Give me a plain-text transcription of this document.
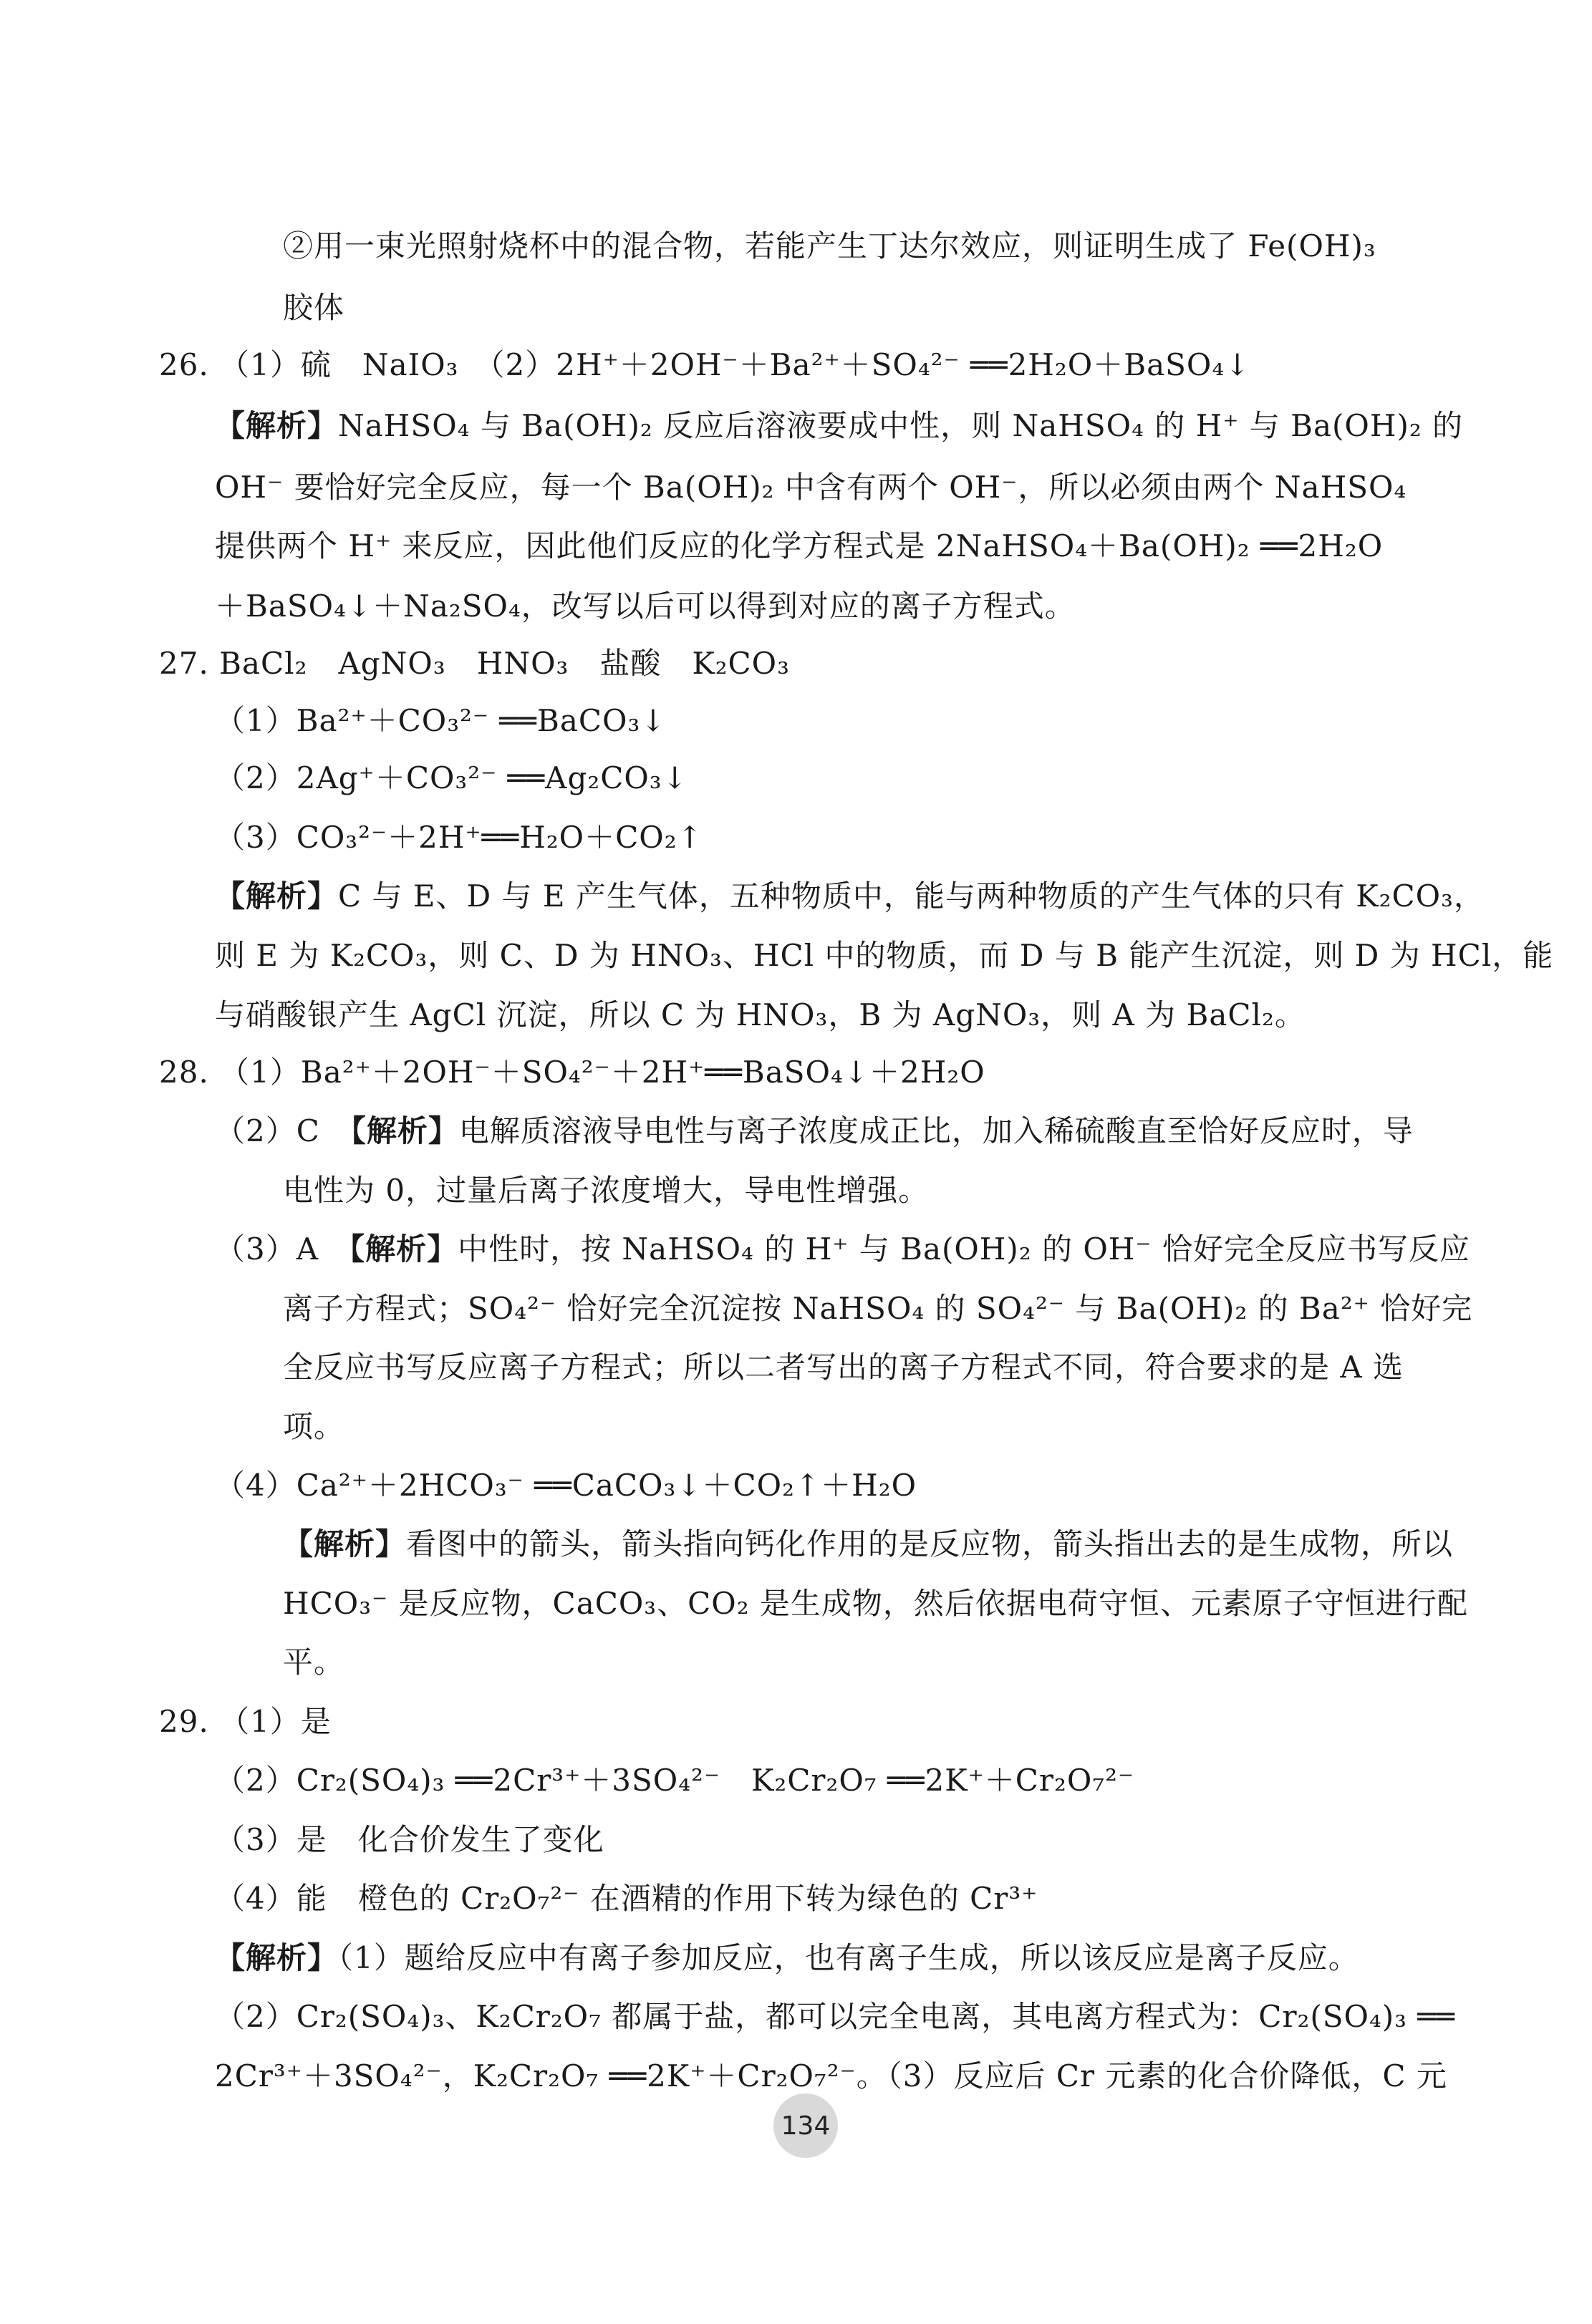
②用一束光照射烧杯中的混合物，若能产生丁达尔效应，则证明生成了 Fe(OH)₃
胶体
26. （1）硫　NaIO₃　（2）2H⁺＋2OH⁻＋Ba²⁺＋SO₄²⁻ ══2H₂O＋BaSO₄↓
【解析】NaHSO₄ 与 Ba(OH)₂ 反应后溶液要成中性，则 NaHSO₄ 的 H⁺ 与 Ba(OH)₂ 的
OH⁻ 要恰好完全反应，每一个 Ba(OH)₂ 中含有两个 OH⁻，所以必须由两个 NaHSO₄
提供两个 H⁺ 来反应，因此他们反应的化学方程式是 2NaHSO₄＋Ba(OH)₂ ══2H₂O
＋BaSO₄↓＋Na₂SO₄，改写以后可以得到对应的离子方程式。
27. BaCl₂　AgNO₃　HNO₃　盐酸　K₂CO₃
（1）Ba²⁺＋CO₃²⁻ ══BaCO₃↓
（2）2Ag⁺＋CO₃²⁻ ══Ag₂CO₃↓
（3）CO₃²⁻＋2H⁺══H₂O＋CO₂↑
【解析】C 与 E、D 与 E 产生气体，五种物质中，能与两种物质的产生气体的只有 K₂CO₃，
则 E 为 K₂CO₃，则 C、D 为 HNO₃、HCl 中的物质，而 D 与 B 能产生沉淀，则 D 为 HCl，能
与硝酸银产生 AgCl 沉淀，所以 C 为 HNO₃，B 为 AgNO₃，则 A 为 BaCl₂。
28. （1）Ba²⁺＋2OH⁻＋SO₄²⁻＋2H⁺══BaSO₄↓＋2H₂O
（2）C　【解析】电解质溶液导电性与离子浓度成正比，加入稀硫酸直至恰好反应时，导
电性为 0，过量后离子浓度增大，导电性增强。
（3）A　【解析】中性时，按 NaHSO₄ 的 H⁺ 与 Ba(OH)₂ 的 OH⁻ 恰好完全反应书写反应
离子方程式；SO₄²⁻ 恰好完全沉淀按 NaHSO₄ 的 SO₄²⁻ 与 Ba(OH)₂ 的 Ba²⁺ 恰好完
全反应书写反应离子方程式；所以二者写出的离子方程式不同，符合要求的是 A 选
项。
（4）Ca²⁺＋2HCO₃⁻ ══CaCO₃↓＋CO₂↑＋H₂O
【解析】看图中的箭头，箭头指向钙化作用的是反应物，箭头指出去的是生成物，所以
HCO₃⁻ 是反应物，CaCO₃、CO₂ 是生成物，然后依据电荷守恒、元素原子守恒进行配
平。
29. （1）是
（2）Cr₂(SO₄)₃ ══2Cr³⁺＋3SO₄²⁻　K₂Cr₂O₇ ══2K⁺＋Cr₂O₇²⁻
（3）是　化合价发生了变化
（4）能　橙色的 Cr₂O₇²⁻ 在酒精的作用下转为绿色的 Cr³⁺
【解析】（1）题给反应中有离子参加反应，也有离子生成，所以该反应是离子反应。
（2）Cr₂(SO₄)₃、K₂Cr₂O₇ 都属于盐，都可以完全电离，其电离方程式为：Cr₂(SO₄)₃ ══
2Cr³⁺＋3SO₄²⁻，K₂Cr₂O₇ ══2K⁺＋Cr₂O₇²⁻。（3）反应后 Cr 元素的化合价降低，C 元
134
